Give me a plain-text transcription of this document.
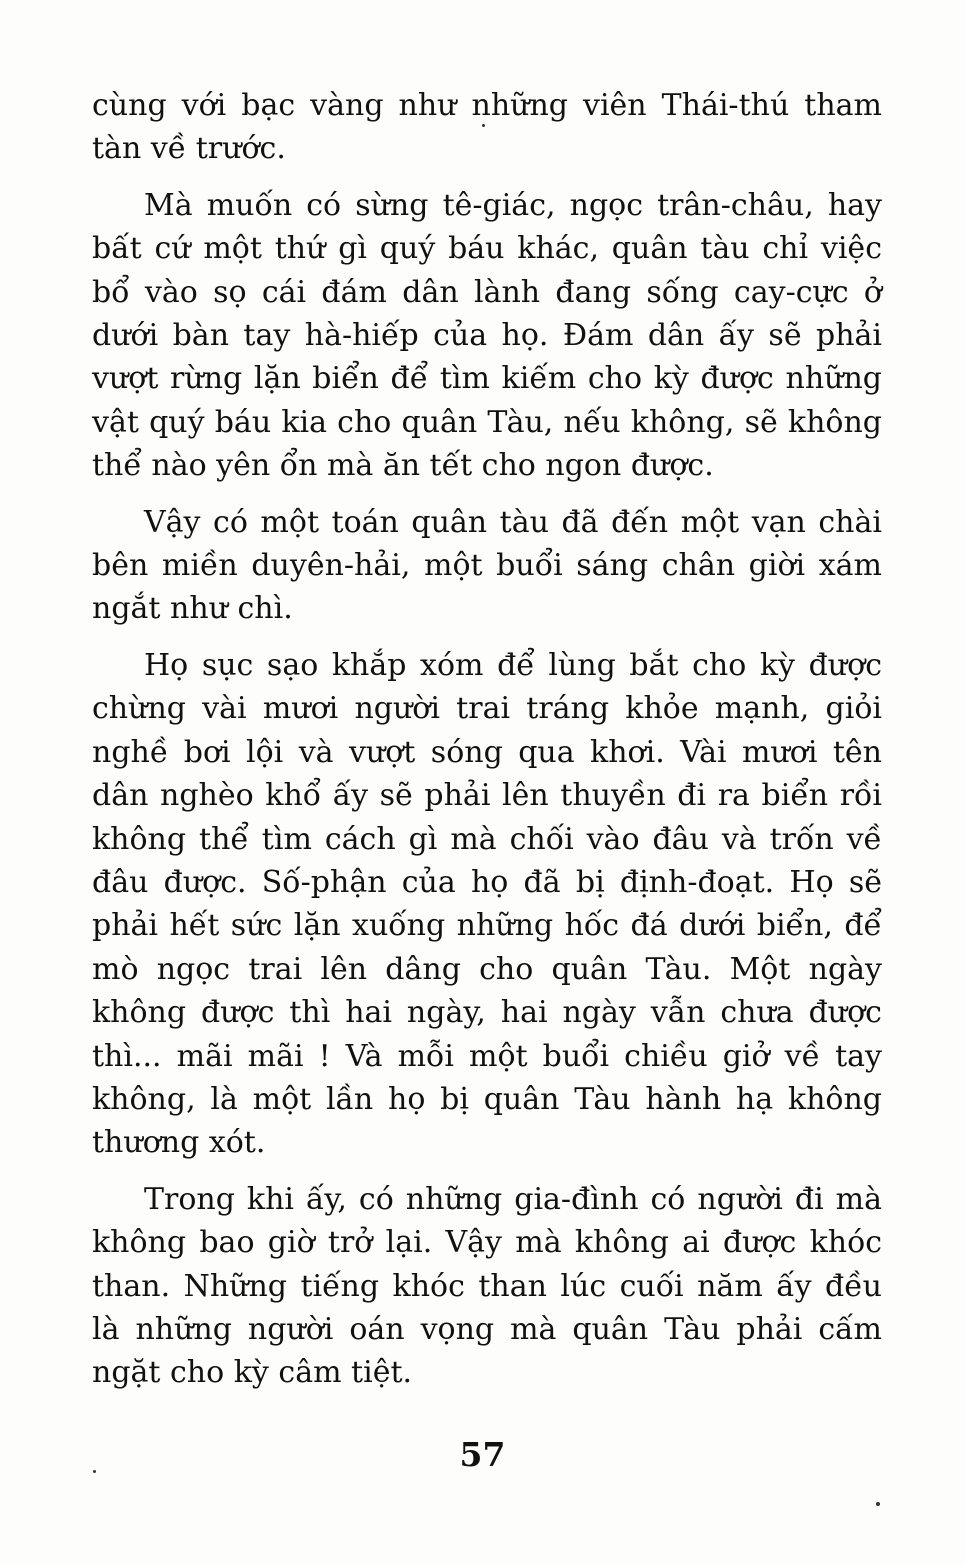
cùng với bạc vàng như những viên Thái-thú tham tàn về trước.

Mà muốn có sừng tê-giác, ngọc trân-châu, hay bất cứ một thứ gì quý báu khác, quân tàu chỉ việc bổ vào sọ cái đám dân lành đang sống cay-cực ở dưới bàn tay hà-hiếp của họ. Đám dân ấy sẽ phải vượt rừng lặn biển để tìm kiếm cho kỳ được những vật quý báu kia cho quân Tàu, nếu không, sẽ không thể nào yên ổn mà ăn tết cho ngon được.

Vậy có một toán quân tàu đã đến một vạn chài bên miền duyên-hải, một buổi sáng chân giời xám ngắt như chì.

Họ sục sạo khắp xóm để lùng bắt cho kỳ được chừng vài mươi người trai tráng khỏe mạnh, giỏi nghề bơi lội và vượt sóng qua khơi. Vài mươi tên dân nghèo khổ ấy sẽ phải lên thuyền đi ra biển rồi không thể tìm cách gì mà chối vào đâu và trốn về đâu được. Số-phận của họ đã bị định-đoạt. Họ sẽ phải hết sức lặn xuống những hốc đá dưới biển, để mò ngọc trai lên dâng cho quân Tàu. Một ngày không được thì hai ngày, hai ngày vẫn chưa được thì... mãi mãi ! Và mỗi một buổi chiều giở về tay không, là một lần họ bị quân Tàu hành hạ không thương xót.

Trong khi ấy, có những gia-đình có người đi mà không bao giờ trở lại. Vậy mà không ai được khóc than. Những tiếng khóc than lúc cuối năm ấy đều là những người oán vọng mà quân Tàu phải cấm ngặt cho kỳ câm tiệt.

57
